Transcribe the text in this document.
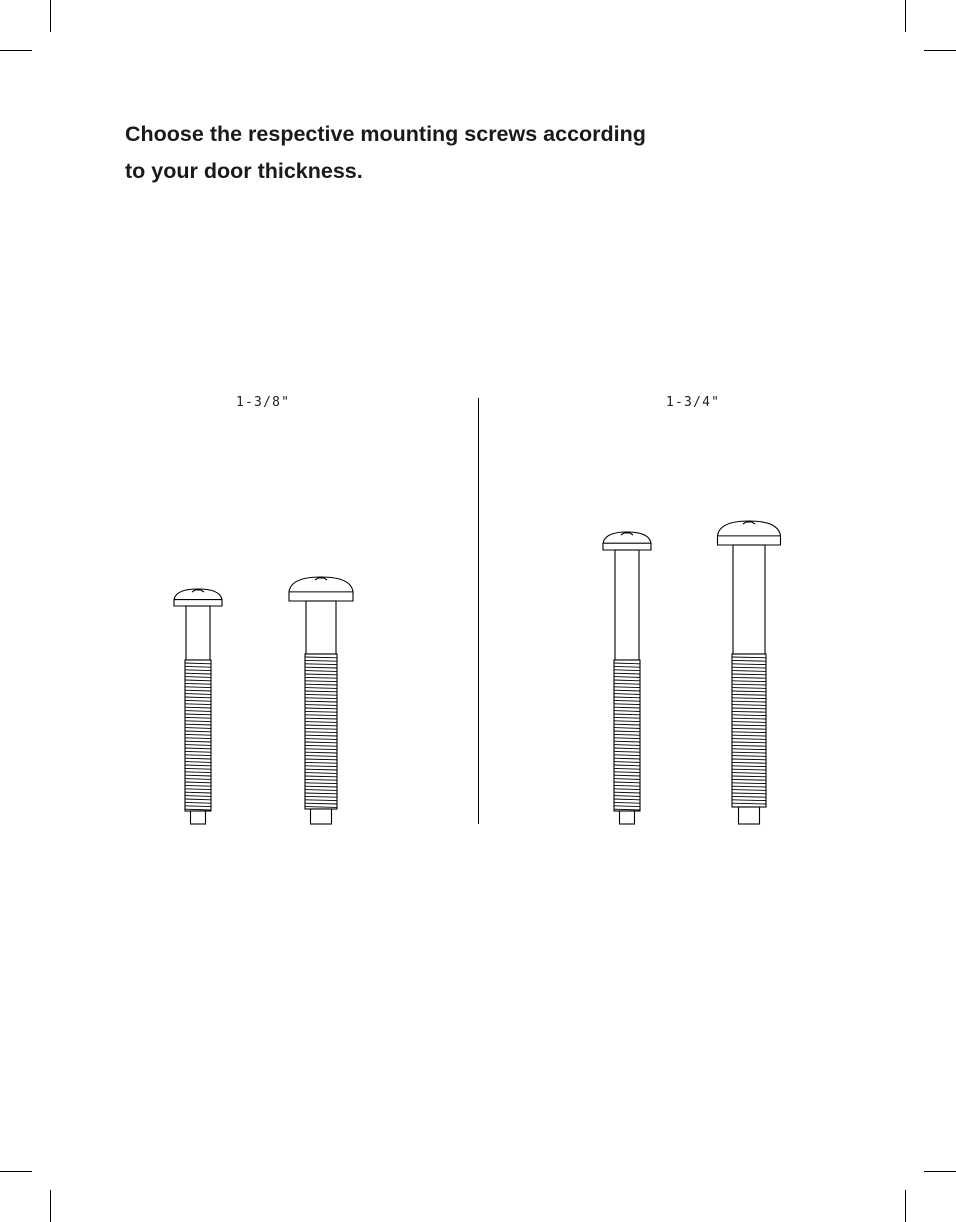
Choose the respective mounting screws according
to your door thickness.

1-3/8"	1-3/4"
